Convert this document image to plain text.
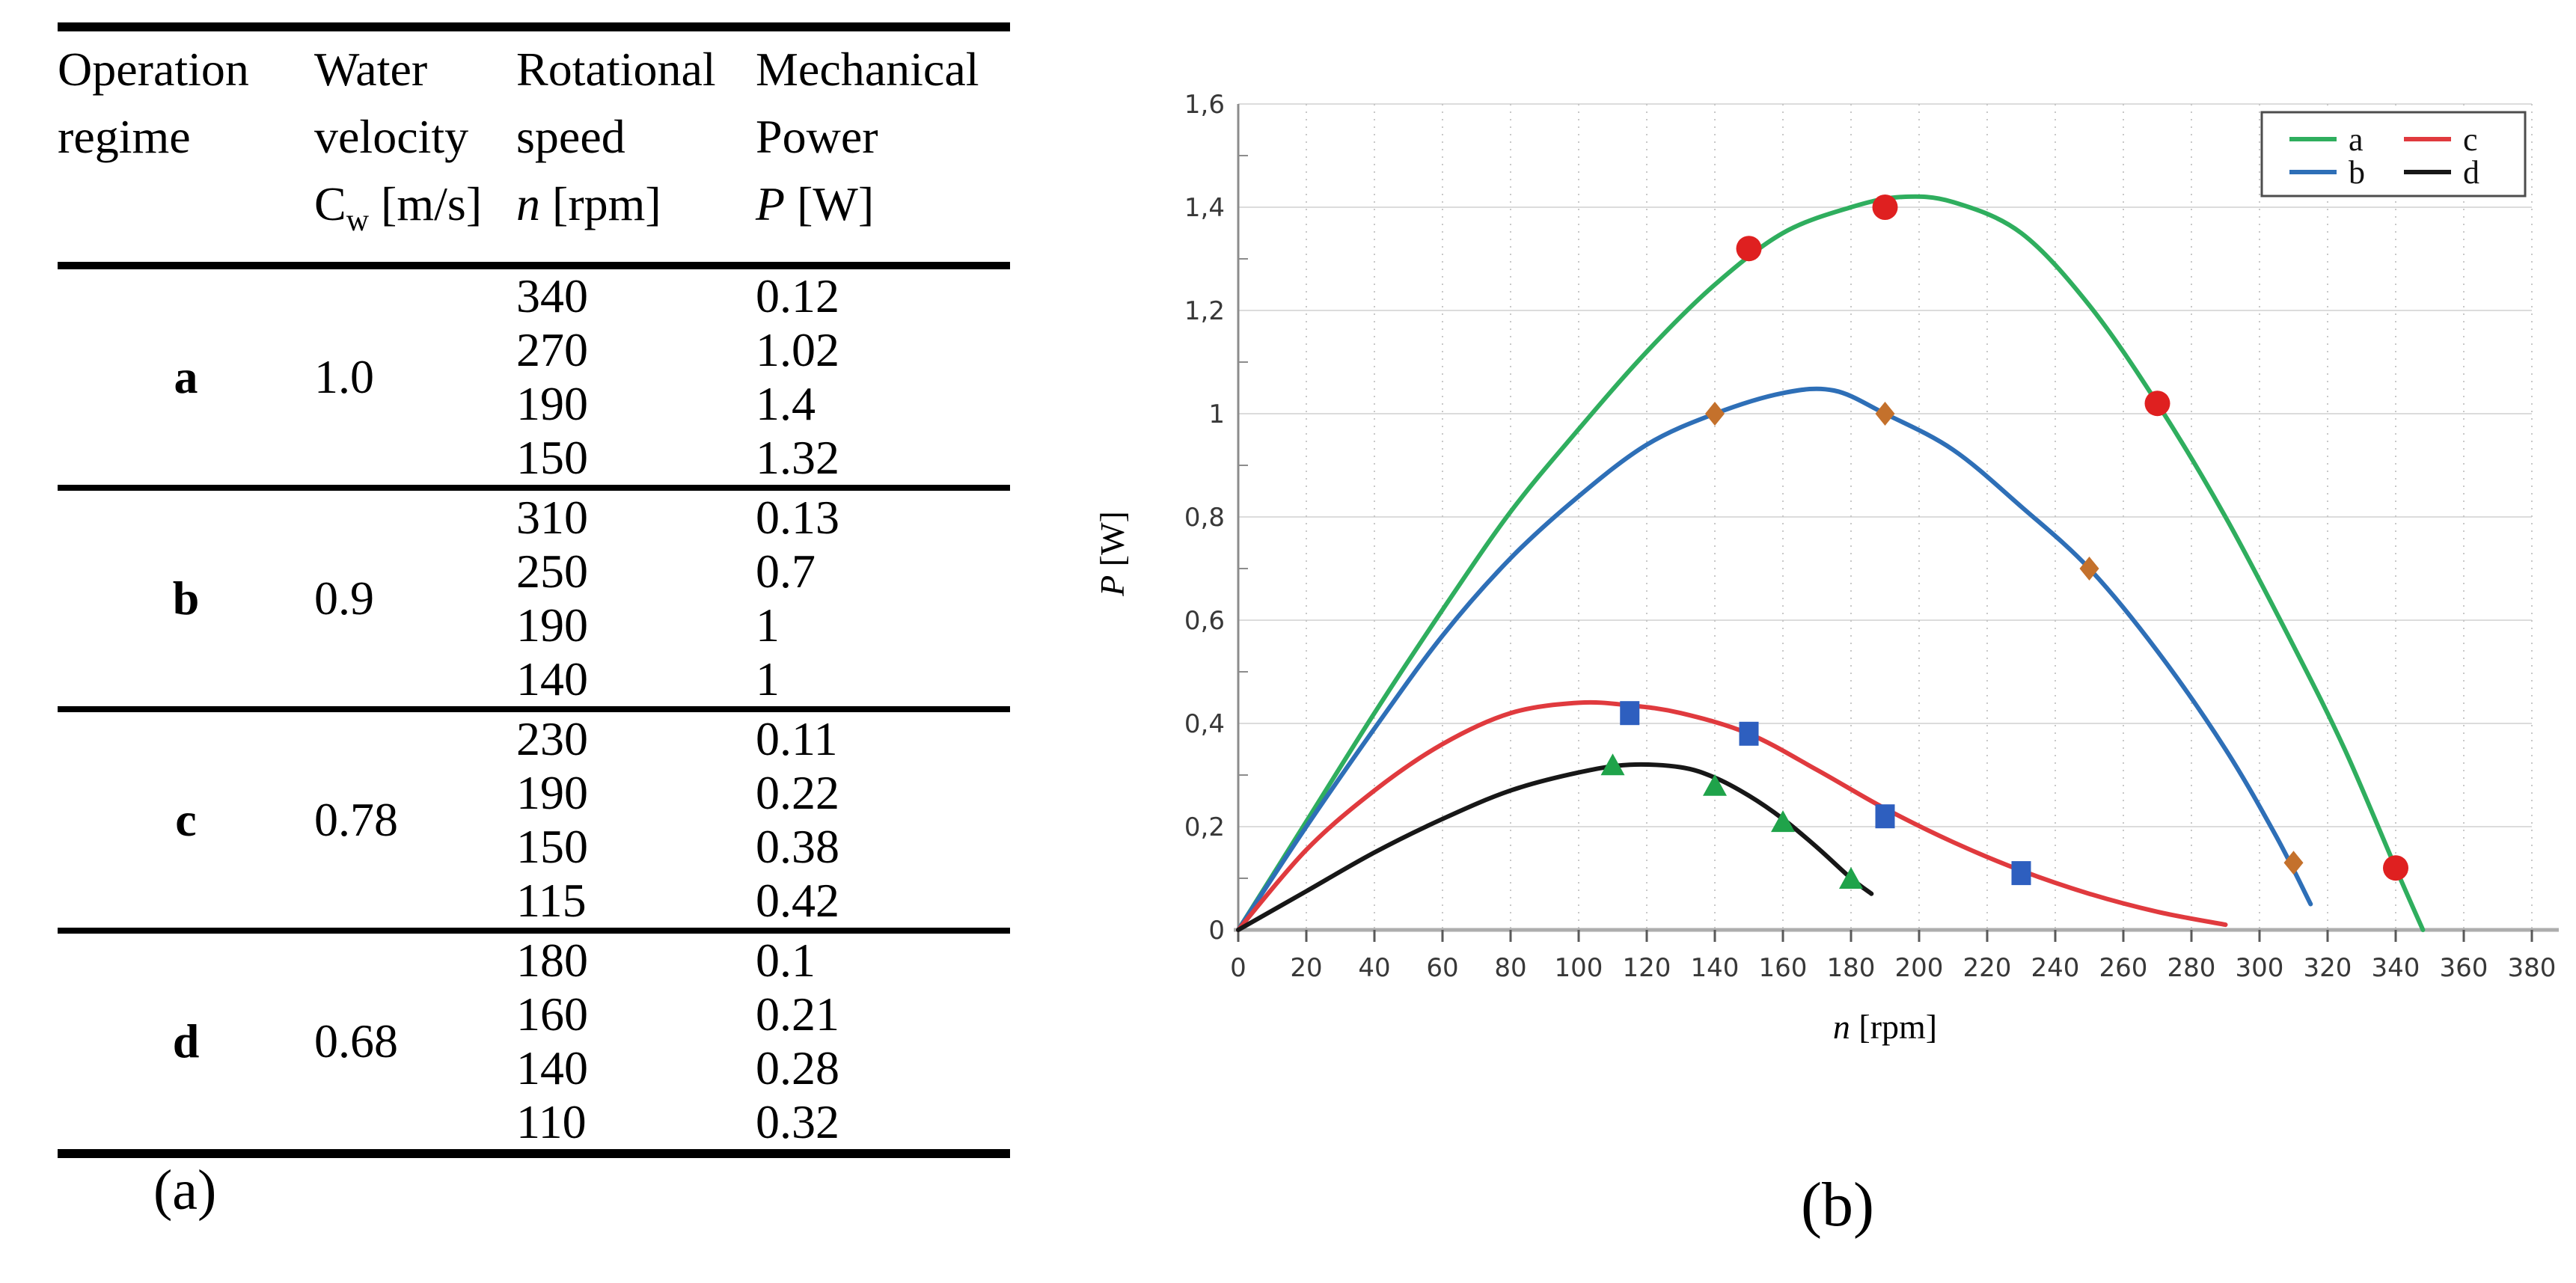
Operation
regime

Water
velocity
$C_w$ [m/s]

Rotational
speed
n [rpm]

Mechanical
Power
P [W]

a	1.0	340	0.12
		270	1.02
		190	1.4
		150	1.32
b	0.9	310	0.13
		250	0.7
		190	1
		140	1
c	0.78	230	0.11
		190	0.22
		150	0.38
		115	0.42
d	0.68	180	0.1
		160	0.21
		140	0.28
		110	0.32
(a)
0 20 40 60 80 100 120 140 160 180 200 220 240 260 280 300 320 340 360 380
0
0,2
0,4
0,6
0,8
1
1,2
1,4
1,6
P [W]
n [rpm]
a	c
b	d
(b)
